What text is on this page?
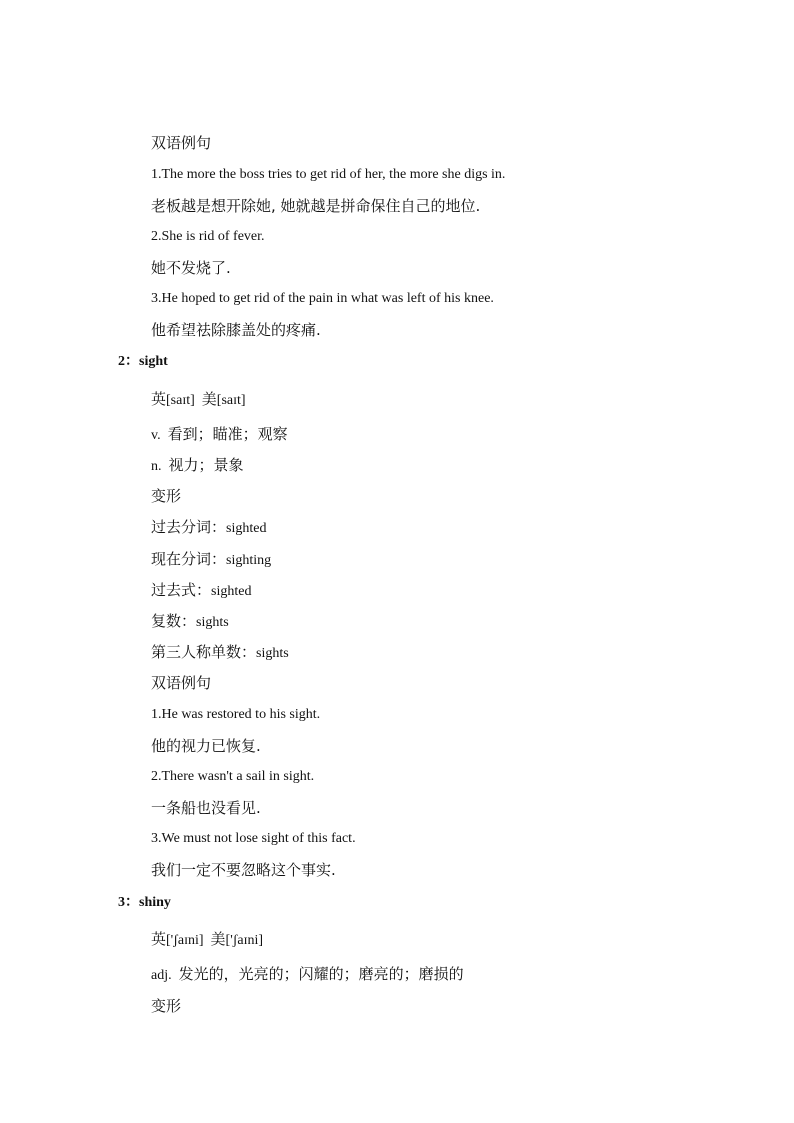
双语例句
1.The more the boss tries to get rid of her, the more she digs in.
老板越是想开除她, 她就越是拼命保住自己的地位.
2.She is rid of fever.
她不发烧了.
3.He hoped to get rid of the pain in what was left of his knee.
他希望祛除膝盖处的疼痛.
2：sight
英[saɪt] 美[saɪt]
v. 看到；瞄准；观察
n. 视力；景象
变形
过去分词：sighted
现在分词：sighting
过去式：sighted
复数：sights
第三人称单数：sights
双语例句
1.He was restored to his sight.
他的视力已恢复.
2.There wasn't a sail in sight.
一条船也没看见.
3.We must not lose sight of this fact.
我们一定不要忽略这个事实.
3：shiny
英['ʃaɪni] 美['ʃaɪni]
adj. 发光的，光亮的；闪耀的；磨亮的；磨损的
变形
